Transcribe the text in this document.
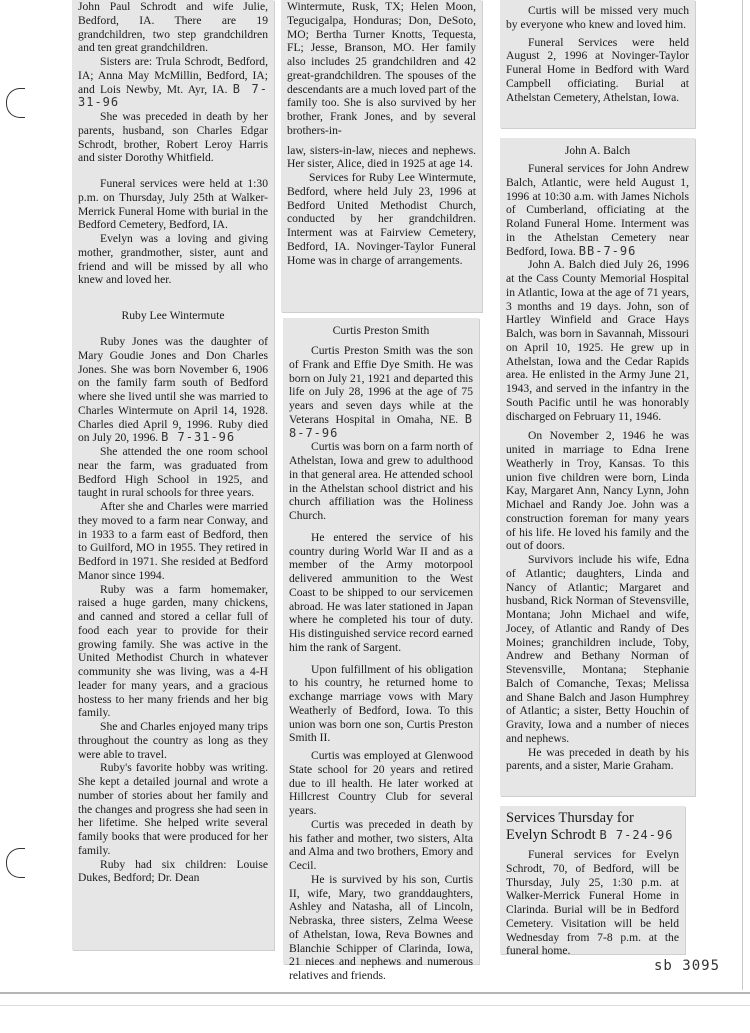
John Paul Schrodt and wife Julie, Bedford, IA. There are 19 grandchildren, two step grandchildren and ten great grandchildren.

Sisters are: Trula Schrodt, Bedford, IA; Anna May McMillin, Bedford, IA; and Lois Newby, Mt. Ayr, IA. B 7-31-96

She was preceded in death by her parents, husband, son Charles Edgar Schrodt, brother, Robert Leroy Harris and sister Dorothy Whitfield.

Funeral services were held at 1:30 p.m. on Thursday, July 25th at Walker-Merrick Funeral Home with burial in the Bedford Cemetery, Bedford, IA.

Evelyn was a loving and giving mother, grandmother, sister, aunt and friend and will be missed by all who knew and loved her.

Ruby Lee Wintermute

Ruby Jones was the daughter of Mary Goudie Jones and Don Charles Jones. She was born November 6, 1906 on the family farm south of Bedford where she lived until she was married to Charles Wintermute on April 14, 1928. Charles died April 9, 1996. Ruby died on July 20, 1996. B 7-31-96

She attended the one room school near the farm, was graduated from Bedford High School in 1925, and taught in rural schools for three years.

After she and Charles were married they moved to a farm near Conway, and in 1933 to a farm east of Bedford, then to Guilford, MO in 1955. They retired in Bedford in 1971. She resided at Bedford Manor since 1994.

Ruby was a farm homemaker, raised a huge garden, many chickens, and canned and stored a cellar full of food each year to provide for their growing family. She was active in the United Methodist Church in whatever community she was living, was a 4-H leader for many years, and a gracious hostess to her many friends and her big family.

She and Charles enjoyed many trips throughout the country as long as they were able to travel.

Ruby's favorite hobby was writing. She kept a detailed journal and wrote a number of stories about her family and the changes and progress she had seen in her lifetime. She helped write several family books that were produced for her family.

Ruby had six children: Louise Dukes, Bedford; Dr. Dean

Wintermute, Rusk, TX; Helen Moon, Tegucigalpa, Honduras; Don, DeSoto, MO; Bertha Turner Knotts, Tequesta, FL; Jesse, Branson, MO. Her family also includes 25 grandchildren and 42 great-grandchildren. The spouses of the descendants are a much loved part of the family too. She is also survived by her brother, Frank Jones, and by several brothers-in-

law, sisters-in-law, nieces and nephews. Her sister, Alice, died in 1925 at age 14.

Services for Ruby Lee Wintermute, Bedford, where held July 23, 1996 at Bedford United Methodist Church, conducted by her grandchildren. Interment was at Fairview Cemetery, Bedford, IA. Novinger-Taylor Funeral Home was in charge of arrangements.

Curtis Preston Smith

Curtis Preston Smith was the son of Frank and Effie Dye Smith. He was born on July 21, 1921 and departed this life on July 28, 1996 at the age of 75 years and seven days while at the Veterans Hospital in Omaha, NE. B 8-7-96

Curtis was born on a farm north of Athelstan, Iowa and grew to adulthood in that general area. He attended school in the Athelstan school district and his church affiliation was the Holiness Church.

He entered the service of his country during World War II and as a member of the Army motorpool delivered ammunition to the West Coast to be shipped to our servicemen abroad. He was later stationed in Japan where he completed his tour of duty. His distinguished service record earned him the rank of Sargent.

Upon fulfillment of his obligation to his country, he returned home to exchange marriage vows with Mary Weatherly of Bedford, Iowa. To this union was born one son, Curtis Preston Smith II.

Curtis was employed at Glenwood State school for 20 years and retired due to ill health. He later worked at Hillcrest Country Club for several years.

Curtis was preceded in death by his father and mother, two sisters, Alta and Alma and two brothers, Emory and Cecil.

He is survived by his son, Curtis II, wife, Mary, two granddaughters, Ashley and Natasha, all of Lincoln, Nebraska, three sisters, Zelma Weese of Athelstan, Iowa, Reva Bownes and Blanchie Schipper of Clarinda, Iowa, 21 nieces and nephews and numerous relatives and friends.

Curtis will be missed very much by everyone who knew and loved him.

Funeral Services were held August 2, 1996 at Novinger-Taylor Funeral Home in Bedford with Ward Campbell officiating. Burial at Athelstan Cemetery, Athelstan, Iowa.

John A. Balch

Funeral services for John Andrew Balch, Atlantic, were held August 1, 1996 at 10:30 a.m. with James Nichols of Cumberland, officiating at the Roland Funeral Home. Interment was in the Athelstan Cemetery near Bedford, Iowa. BB-7-96

John A. Balch died July 26, 1996 at the Cass County Memorial Hospital in Atlantic, Iowa at the age of 71 years, 3 months and 19 days. John, son of Hartley Winfield and Grace Hays Balch, was born in Savannah, Missouri on April 10, 1925. He grew up in Athelstan, Iowa and the Cedar Rapids area. He enlisted in the Army June 21, 1943, and served in the infantry in the South Pacific until he was honorably discharged on February 11, 1946.

On November 2, 1946 he was united in marriage to Edna Irene Weatherly in Troy, Kansas. To this union five children were born, Linda Kay, Margaret Ann, Nancy Lynn, John Michael and Randy Joe. John was a construction foreman for many years of his life. He loved his family and the out of doors.

Survivors include his wife, Edna of Atlantic; daughters, Linda and Nancy of Atlantic; Margaret and husband, Rick Norman of Stevensville, Montana; John Michael and wife, Jocey, of Atlantic and Randy of Des Moines; granchildren include, Toby, Andrew and Bethany Norman of Stevensville, Montana; Stephanie Balch of Comanche, Texas; Melissa and Shane Balch and Jason Humphrey of Atlantic; a sister, Betty Houchin of Gravity, Iowa and a number of nieces and nephews.

He was preceded in death by his parents, and a sister, Marie Graham.

Services Thursday for
Evelyn Schrodt B 7-24-96

Funeral services for Evelyn Schrodt, 70, of Bedford, will be Thursday, July 25, 1:30 p.m. at Walker-Merrick Funeral Home in Clarinda. Burial will be in Bedford Cemetery. Visitation will be held Wednesday from 7-8 p.m. at the funeral home.

sb 3095
